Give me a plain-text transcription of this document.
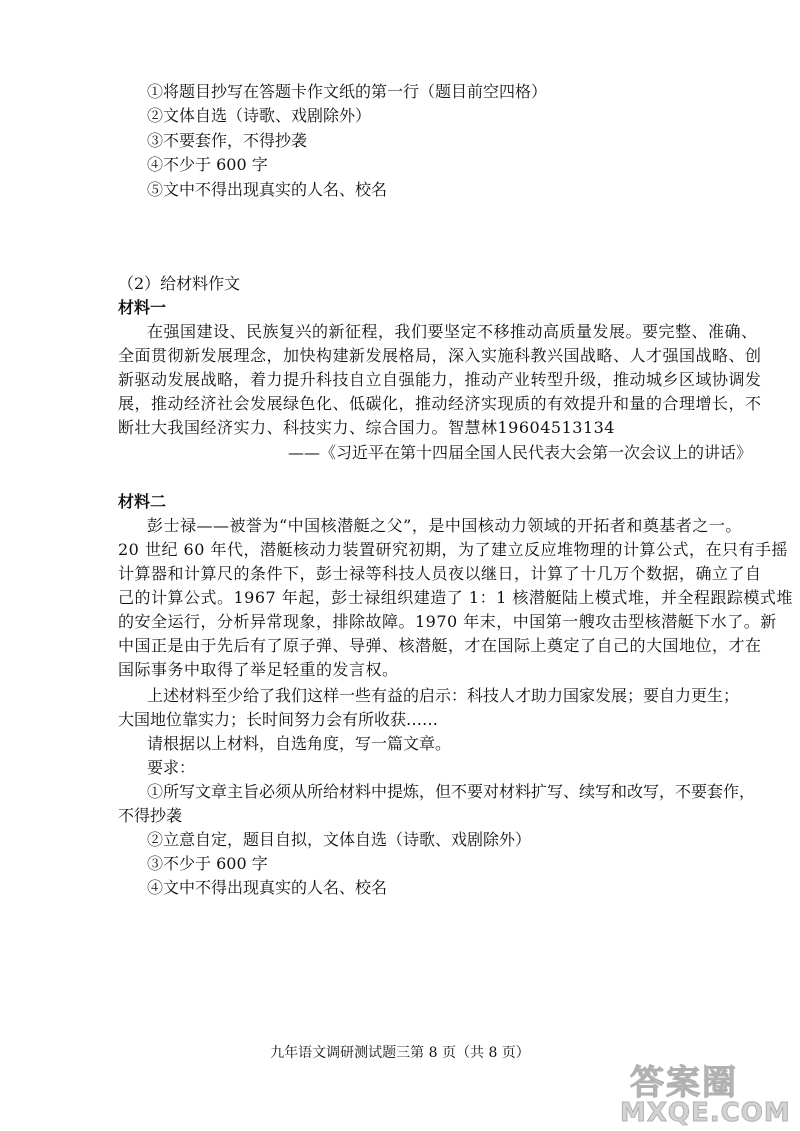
①将题目抄写在答题卡作文纸的第一行（题目前空四格）
②文体自选（诗歌、戏剧除外）
③不要套作，不得抄袭
④不少于 600 字
⑤文中不得出现真实的人名、校名
（2）给材料作文
材料一
在强国建设、民族复兴的新征程，我们要坚定不移推动高质量发展。要完整、准确、
全面贯彻新发展理念，加快构建新发展格局，深入实施科教兴国战略、人才强国战略、创
新驱动发展战略，着力提升科技自立自强能力，推动产业转型升级，推动城乡区域协调发
展，推动经济社会发展绿色化、低碳化，推动经济实现质的有效提升和量的合理增长，不
断壮大我国经济实力、科技实力、综合国力。智慧林19604513134
——《习近平在第十四届全国人民代表大会第一次会议上的讲话》
材料二
彭士禄——被誉为“中国核潜艇之父”，是中国核动力领域的开拓者和奠基者之一。
20 世纪 60 年代，潜艇核动力装置研究初期，为了建立反应堆物理的计算公式，在只有手摇
计算器和计算尺的条件下，彭士禄等科技人员夜以继日，计算了十几万个数据，确立了自
己的计算公式。1967 年起，彭士禄组织建造了 1：1 核潜艇陆上模式堆，并全程跟踪模式堆
的安全运行，分析异常现象，排除故障。1970 年末，中国第一艘攻击型核潜艇下水了。新
中国正是由于先后有了原子弹、导弹、核潜艇，才在国际上奠定了自己的大国地位，才在
国际事务中取得了举足轻重的发言权。
上述材料至少给了我们这样一些有益的启示：科技人才助力国家发展；要自力更生；
大国地位靠实力；长时间努力会有所收获……
请根据以上材料，自选角度，写一篇文章。
要求：
①所写文章主旨必须从所给材料中提炼，但不要对材料扩写、续写和改写，不要套作，
不得抄袭
②立意自定，题目自拟，文体自选（诗歌、戏剧除外）
③不少于 600 字
④文中不得出现真实的人名、校名
九年语文调研测试题三第 8 页（共 8 页）
答案圈
MXQE.COM
